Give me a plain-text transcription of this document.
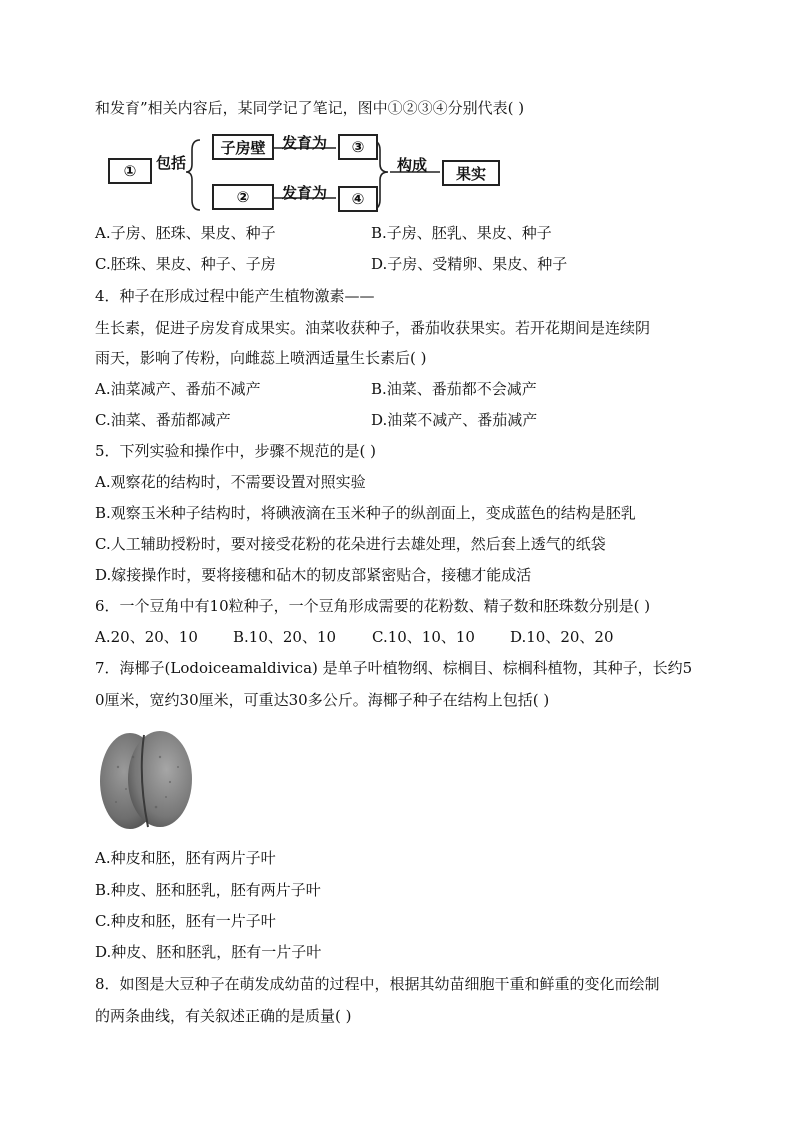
和发育”相关内容后，某同学记了笔记，图中①②③④分别代表( )
①	包括
子房壁	发育为	③
②	发育为	④
构成	果实
A.子房、胚珠、果皮、种子	B.子房、胚乳、果皮、种子
C.胚珠、果皮、种子、子房	D.子房、受精卵、果皮、种子
4．种子在形成过程中能产生植物激素——
生长素，促进子房发育成果实。油菜收获种子，番茄收获果实。若开花期间是连续阴
雨天，影响了传粉，向雌蕊上喷洒适量生长素后( )
A.油菜减产、番茄不减产	B.油菜、番茄都不会减产
C.油菜、番茄都减产	D.油菜不减产、番茄减产
5．下列实验和操作中，步骤不规范的是( )
A.观察花的结构时，不需要设置对照实验
B.观察玉米种子结构时，将碘液滴在玉米种子的纵剖面上，变成蓝色的结构是胚乳
C.人工辅助授粉时，要对接受花粉的花朵进行去雄处理，然后套上透气的纸袋
D.嫁接操作时，要将接穗和砧木的韧皮部紧密贴合，接穗才能成活
6．一个豆角中有10粒种子，一个豆角形成需要的花粉数、精子数和胚珠数分别是( )
A.20、20、10 B.10、20、10 C.10、10、10 D.10、20、20
7．海椰子(Lodoiceamaldivica) 是单子叶植物纲、棕榈目、棕榈科植物，其种子，长约5
0厘米，宽约30厘米，可重达30多公斤。海椰子种子在结构上包括( )
A.种皮和胚，胚有两片子叶
B.种皮、胚和胚乳，胚有两片子叶
C.种皮和胚，胚有一片子叶
D.种皮、胚和胚乳，胚有一片子叶
8．如图是大豆种子在萌发成幼苗的过程中，根据其幼苗细胞干重和鲜重的变化而绘制
的两条曲线，有关叙述正确的是质量( )
